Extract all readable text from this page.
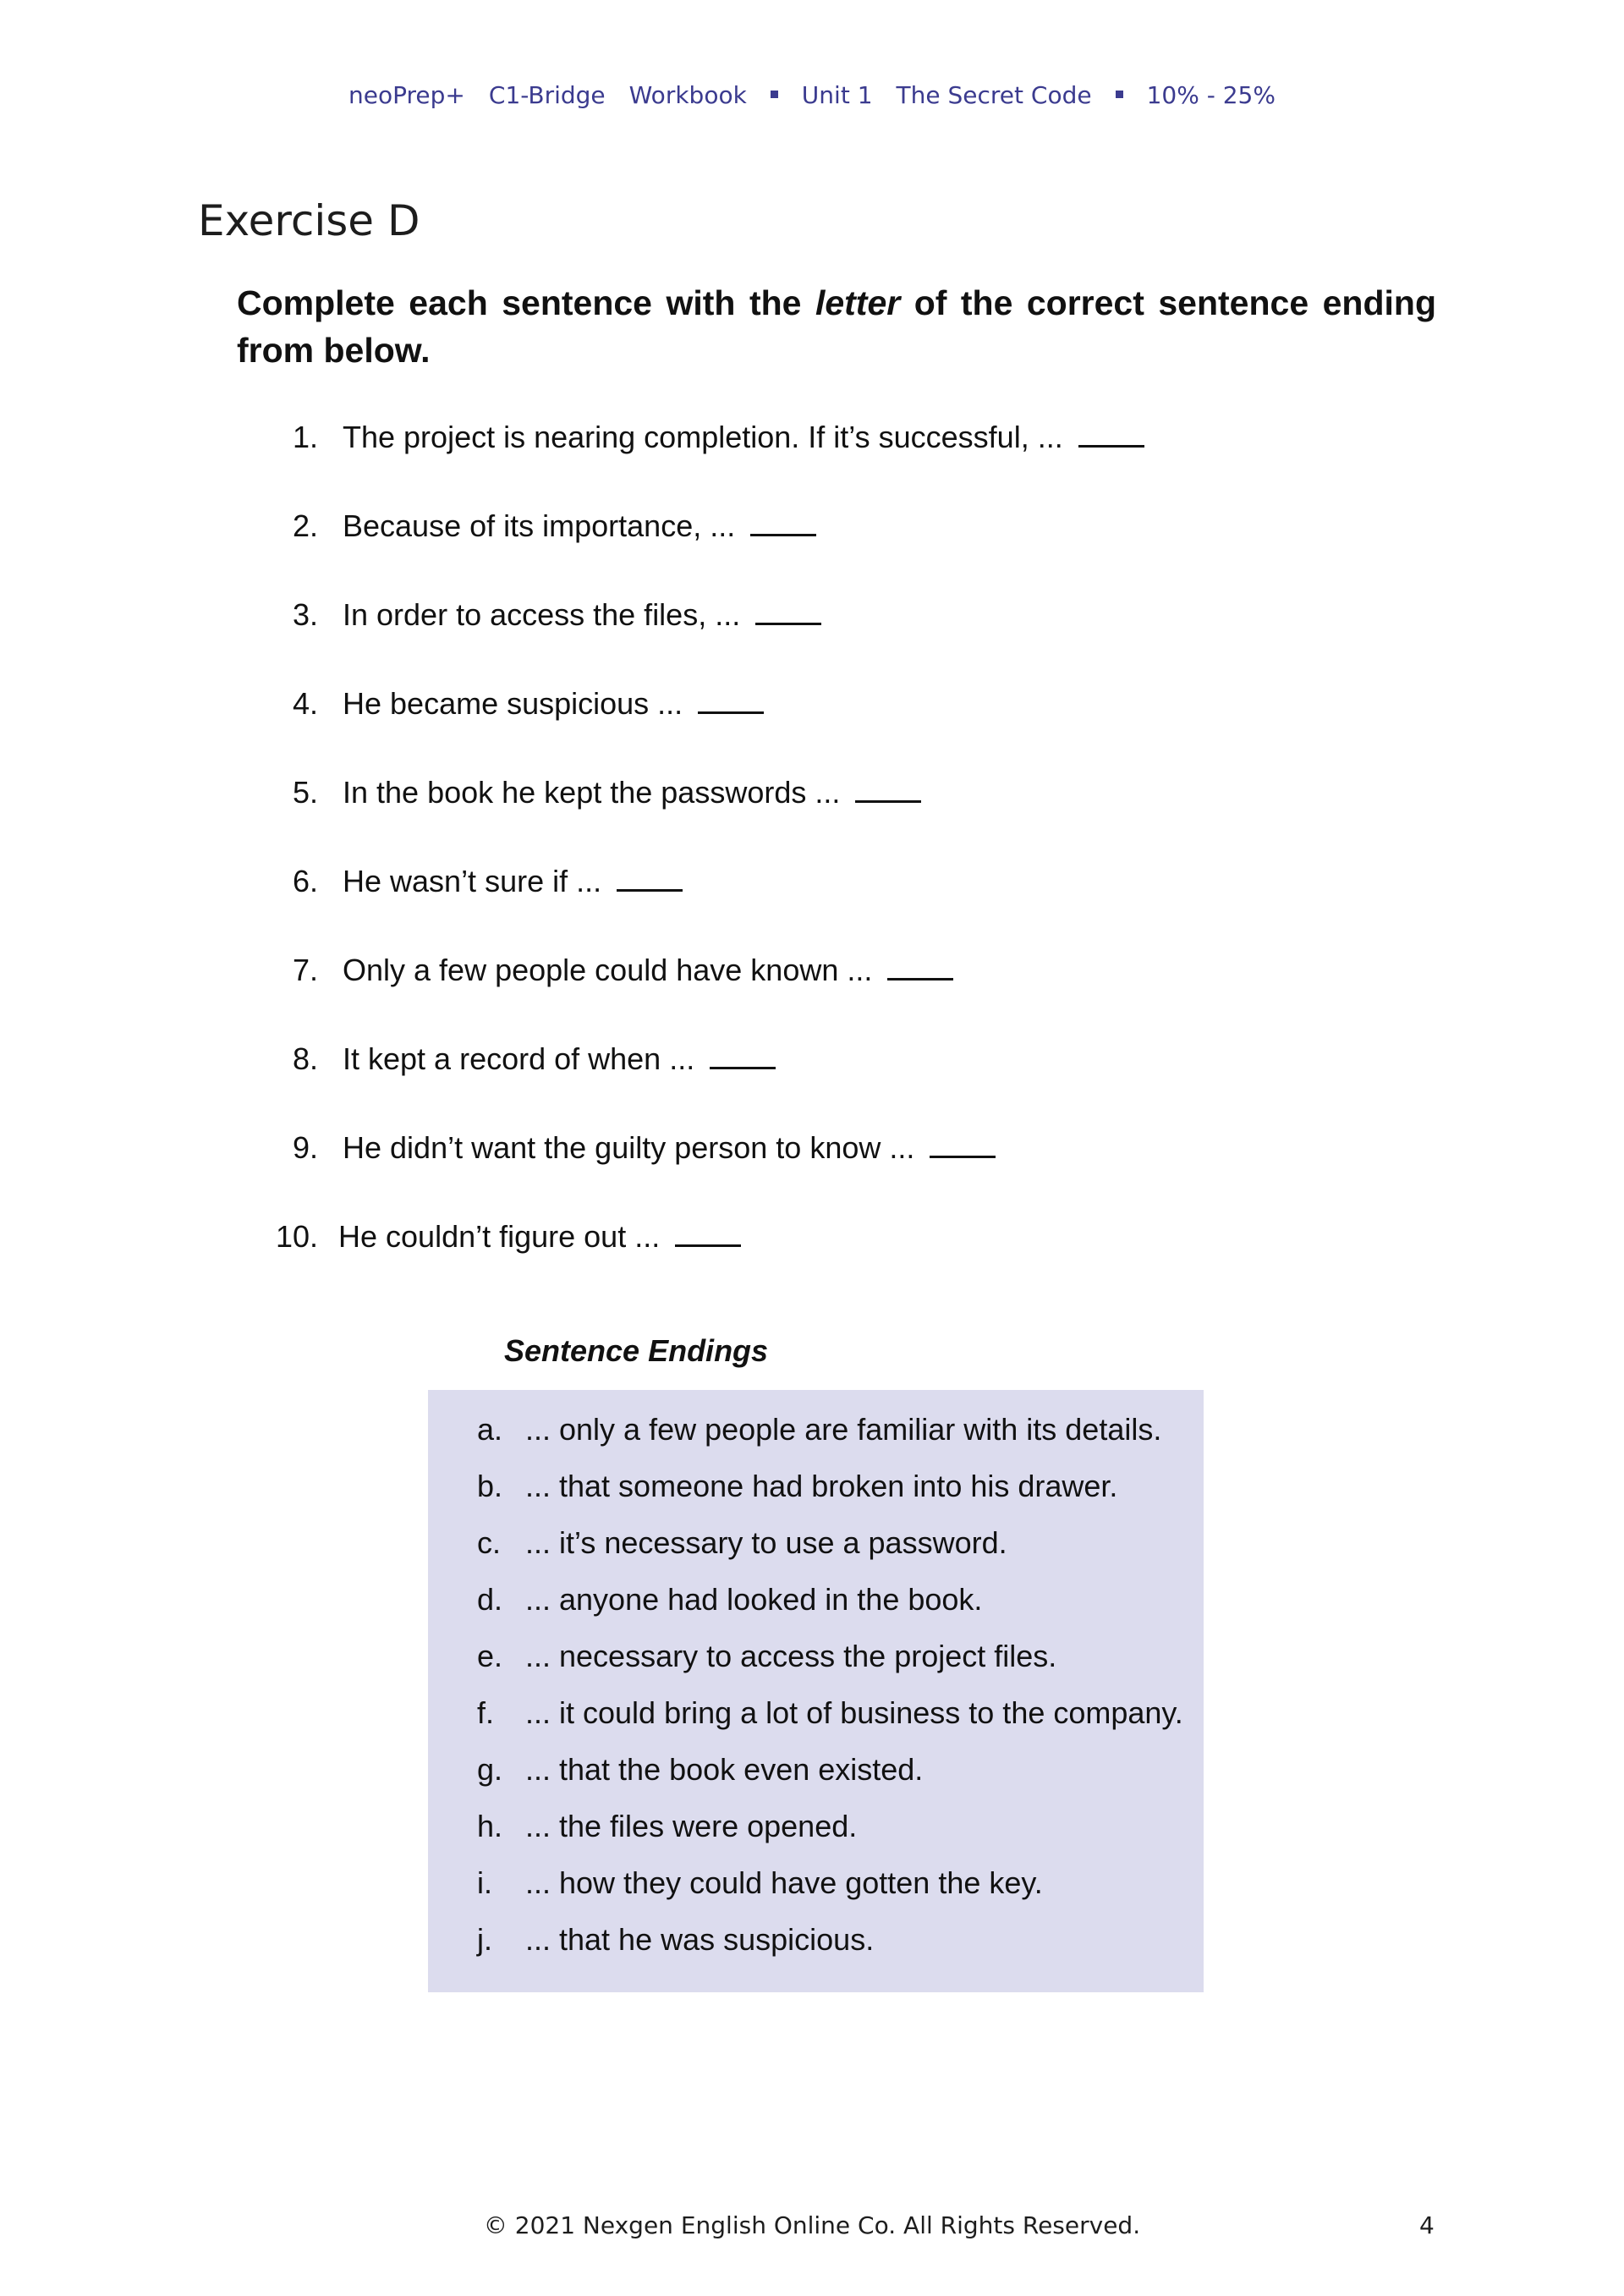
neoPrep+ C1-Bridge Workbook Unit 1 The Secret Code 10% - 25%
Exercise D

Complete each sentence with the letter of the correct sentence ending from below.

1. The project is nearing completion. If it’s successful, ...
2. Because of its importance, ...
3. In order to access the files, ...
4. He became suspicious ...
5. In the book he kept the passwords ...
6. He wasn’t sure if ...
7. Only a few people could have known ...
8. It kept a record of when ...
9. He didn’t want the guilty person to know ...
10. He couldn’t figure out ...
Sentence Endings
a. ... only a few people are familiar with its details.
b. ... that someone had broken into his drawer.
c. ... it’s necessary to use a password.
d. ... anyone had looked in the book.
e. ... necessary to access the project files.
f. ... it could bring a lot of business to the company.
g. ... that the book even existed.
h. ... the files were opened.
i. ... how they could have gotten the key.
j. ... that he was suspicious.
© 2021 Nexgen English Online Co. All Rights Reserved.	4
